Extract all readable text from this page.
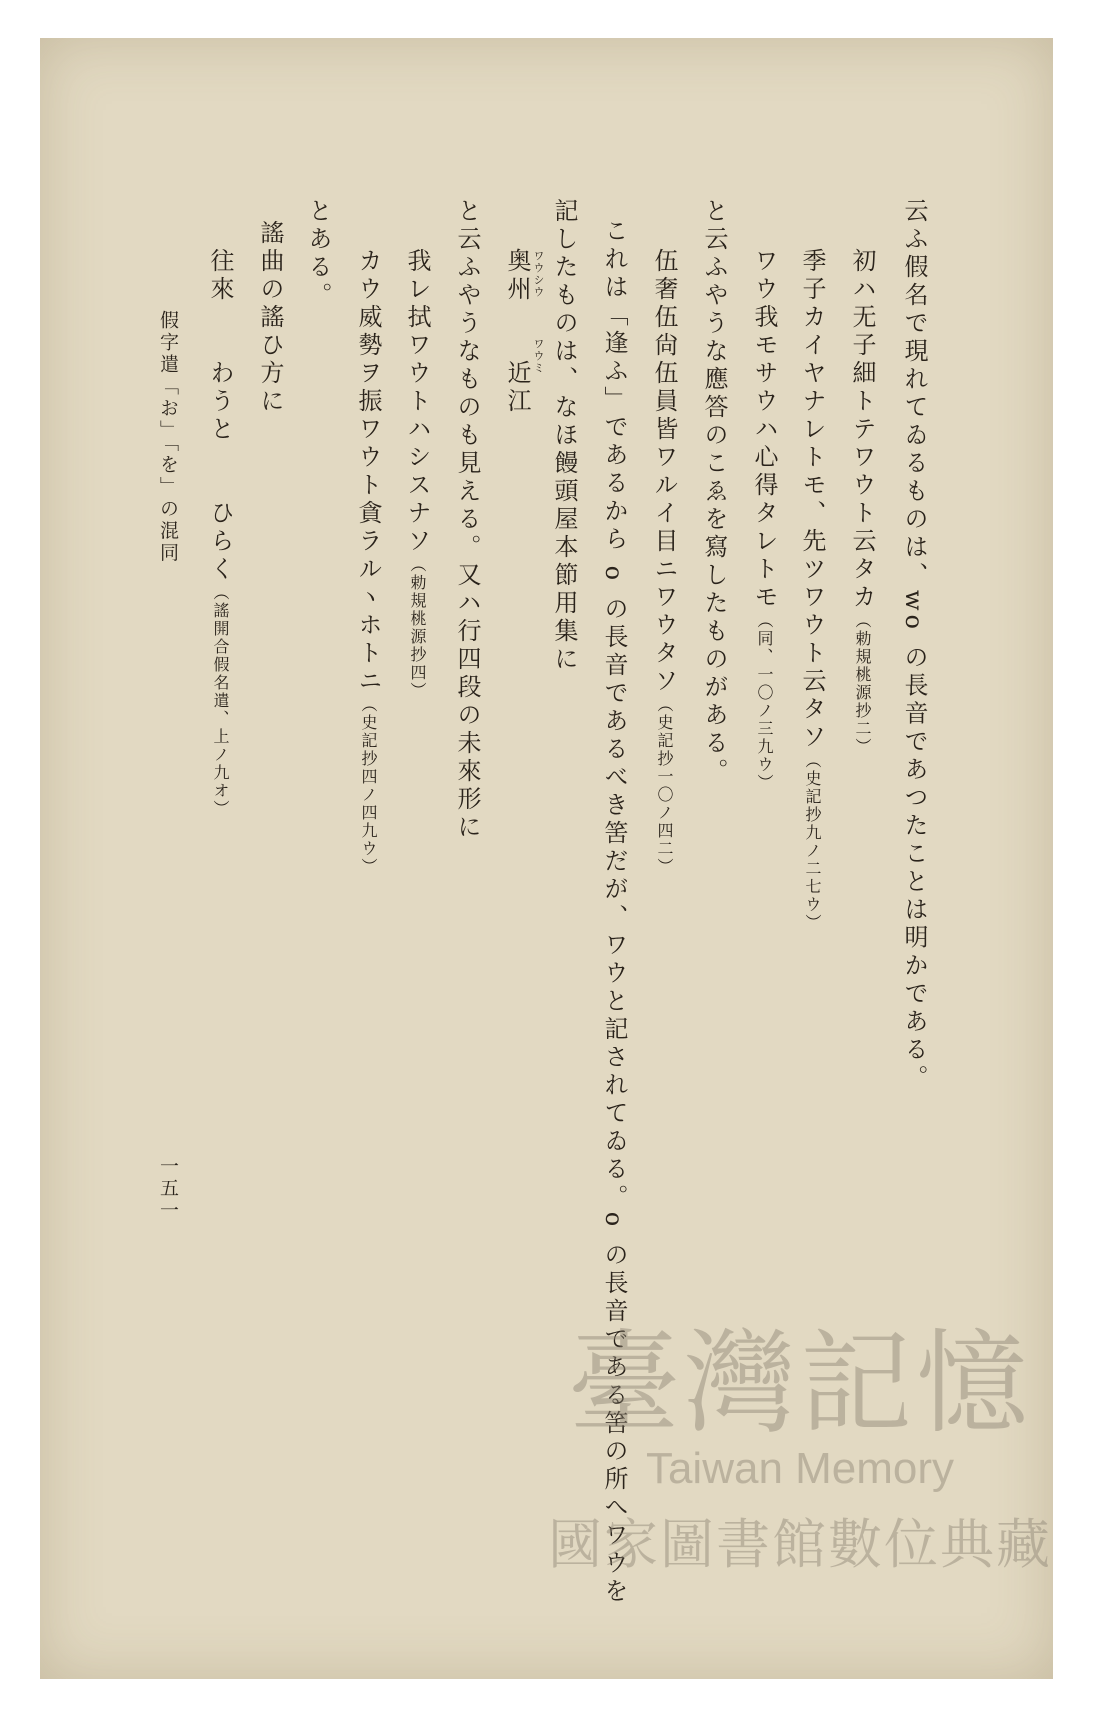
云ふ假名で現れてゐるものは、wo の長音であつたことは明かである。
初ハ无子細トテワウト云タカ（勅規桃源抄二）
季子カイヤナレトモ、先ツワウト云タソ（史記抄九ノ二七ウ）
ワウ我モサウハ心得タレトモ（同、一〇ノ三九ウ）
と云ふやうな應答のこゑを寫したものがある。
伍奢伍尙伍員皆ワルイ目ニワウタソ（史記抄一〇ノ四二）
これは「逢ふ」であるから o の長音であるべき筈だが、ワウと記されてゐる。o の長音である筈の所へワウを
記したものは、なほ饅頭屋本節用集に
奥州　　近江 ワウシウ
ワウミ
と云ふやうなものも見える。又ハ行四段の未來形に
我レ拭ワウトハシスナソ（勅規桃源抄四）
カウ威勢ヲ振ワウト貪ラルヽホトニ（史記抄四ノ四九ウ）
とある。
謠曲の謠ひ方に
往來　　わうと　　ひらく（謠開合假名遣、上ノ九オ）
假字遣「お」「を」の混同
一五一
臺灣記憶
Taiwan Memory
國家圖書館數位典藏
